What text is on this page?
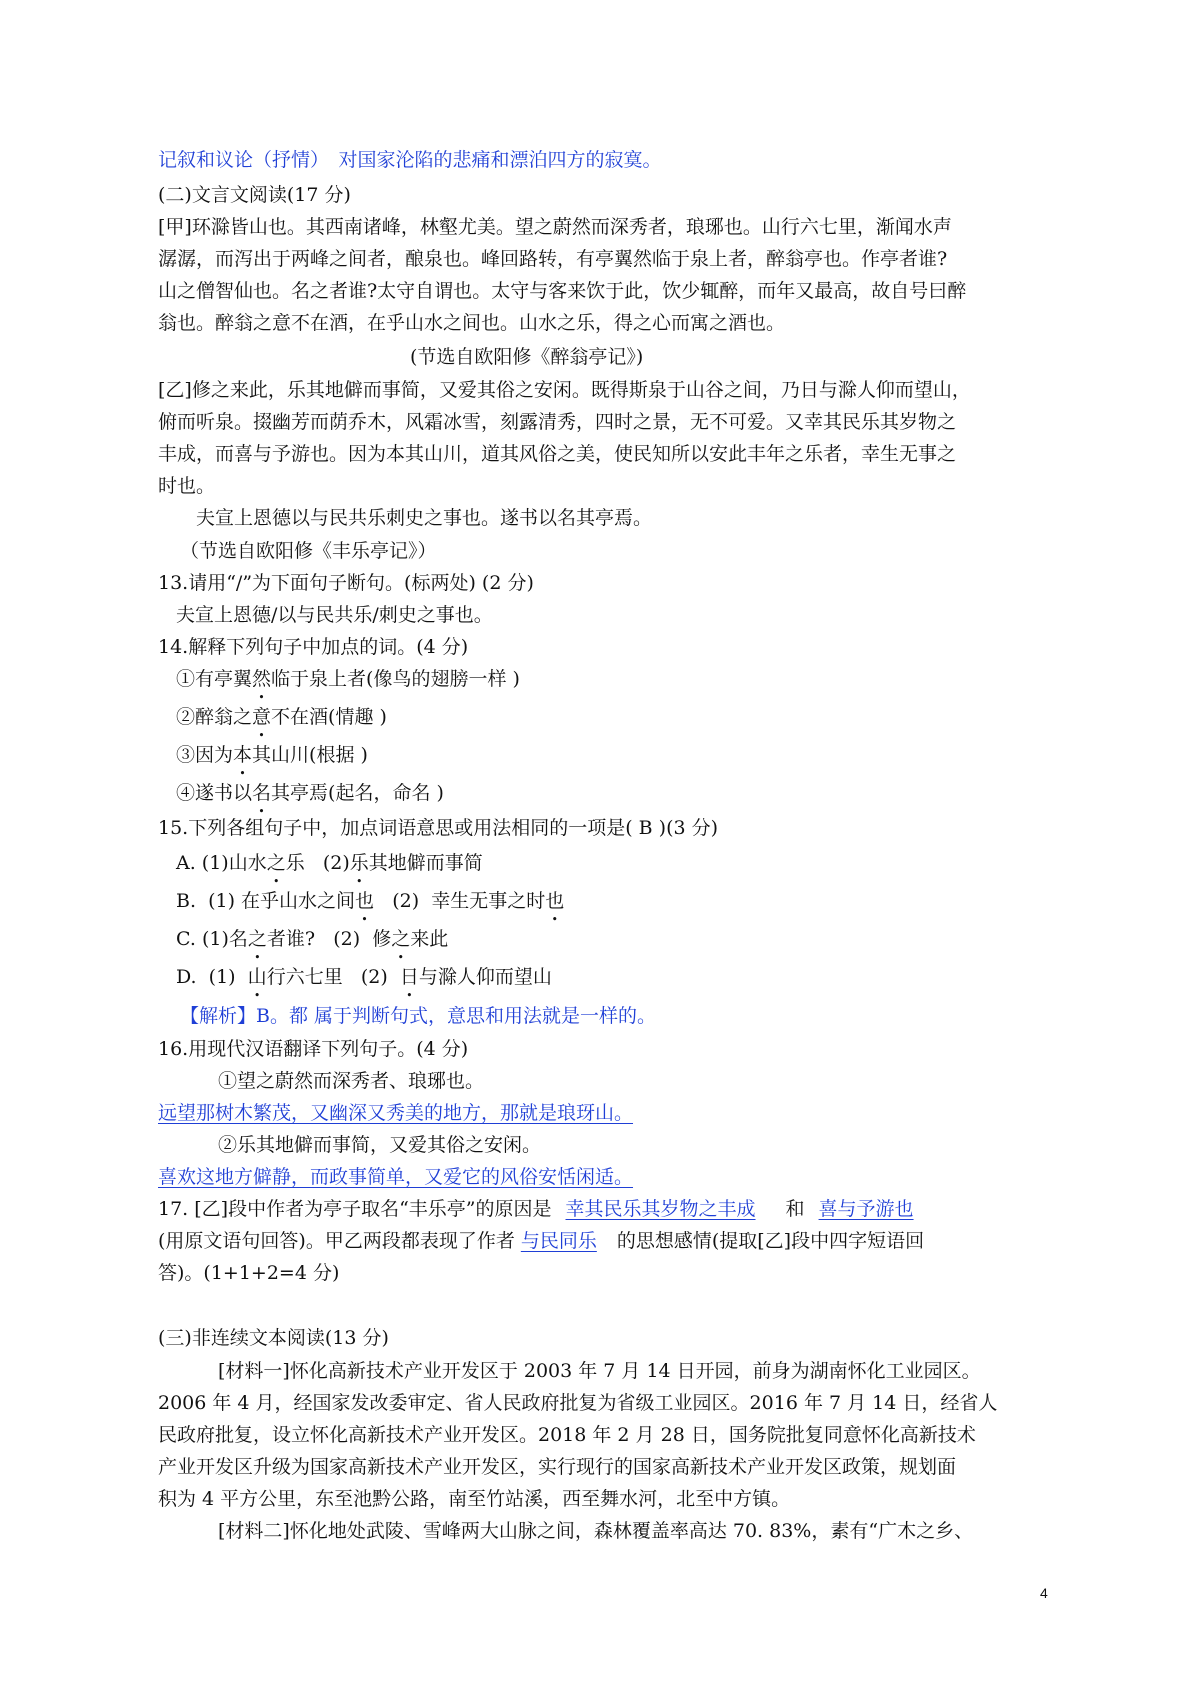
记叙和议论（抒情）　对国家沦陷的悲痛和漂泊四方的寂寞。
(二)文言文阅读(17 分)
[甲]环滁皆山也。其西南诸峰，林壑尤美。望之蔚然而深秀者，琅琊也。山行六七里，渐闻水声
潺潺，而泻出于两峰之间者，酿泉也。峰回路转，有亭翼然临于泉上者，醉翁亭也。作亭者谁?
山之僧智仙也。名之者谁?太守自谓也。太守与客来饮于此，饮少辄醉，而年又最高，故自号曰醉
翁也。醉翁之意不在酒，在乎山水之间也。山水之乐，得之心而寓之酒也。
(节选自欧阳修《醉翁亭记》)
[乙]修之来此，乐其地僻而事简，又爱其俗之安闲。既得斯泉于山谷之间，乃日与滁人仰而望山，
俯而听泉。掇幽芳而荫乔木，风霜冰雪，刻露清秀，四时之景，无不可爱。又幸其民乐其岁物之
丰成，而喜与予游也。因为本其山川，道其风俗之美，使民知所以安此丰年之乐者，幸生无事之
时也。
夫宣上恩德以与民共乐刺史之事也。遂书以名其亭焉。
（节选自欧阳修《丰乐亭记》）
13.请用“/”为下面句子断句。(标两处) (2 分)
夫宣上恩德/以与民共乐/刺史之事也。
14.解释下列句子中加点的词。(4 分)
①有亭翼然临于泉上者(像鸟的翅膀一样 )
②醉翁之意不在酒(情趣 )
③因为本其山川(根据 )
④遂书以名其亭焉(起名，命名 )
15.下列各组句子中，加点词语意思或用法相同的一项是( B )(3 分)
A. (1)山水之乐   (2)乐其地僻而事简
B.  (1) 在乎山水之间也   (2)  幸生无事之时也
C. (1)名之者谁?   (2)  修之来此
D.  (1)  山行六七里   (2)  日与滁人仰而望山
【解析】B。都 属于判断句式，意思和用法就是一样的。
16.用现代汉语翻译下列句子。(4 分)
①望之蔚然而深秀者、琅琊也。
远望那树木繁茂，又幽深又秀美的地方，那就是琅玡山。
②乐其地僻而事简，又爱其俗之安闲。
喜欢这地方僻静，而政事简单，又爱它的风俗安恬闲适。
17. [乙]段中作者为亭子取名“丰乐亭”的原因是 幸其民乐其岁物之丰成 和 喜与予游也
(用原文语句回答)。甲乙两段都表现了作者 与民同乐 的思想感情(提取[乙]段中四字短语回
答)。(1+1+2=4 分)
(三)非连续文本阅读(13 分)
[材料一]怀化高新技术产业开发区于 2003 年 7 月 14 日开园，前身为湖南怀化工业园区。
2006 年 4 月，经国家发改委审定、省人民政府批复为省级工业园区。2016 年 7 月 14 日，经省人
民政府批复，设立怀化高新技术产业开发区。2018 年 2 月 28 日，国务院批复同意怀化高新技术
产业开发区升级为国家高新技术产业开发区，实行现行的国家高新技术产业开发区政策，规划面
积为 4 平方公里，东至池黔公路，南至竹站溪，西至舞水河，北至中方镇。
[材料二]怀化地处武陵、雪峰两大山脉之间，森林覆盖率高达 70. 83%，素有“广木之乡、
4
